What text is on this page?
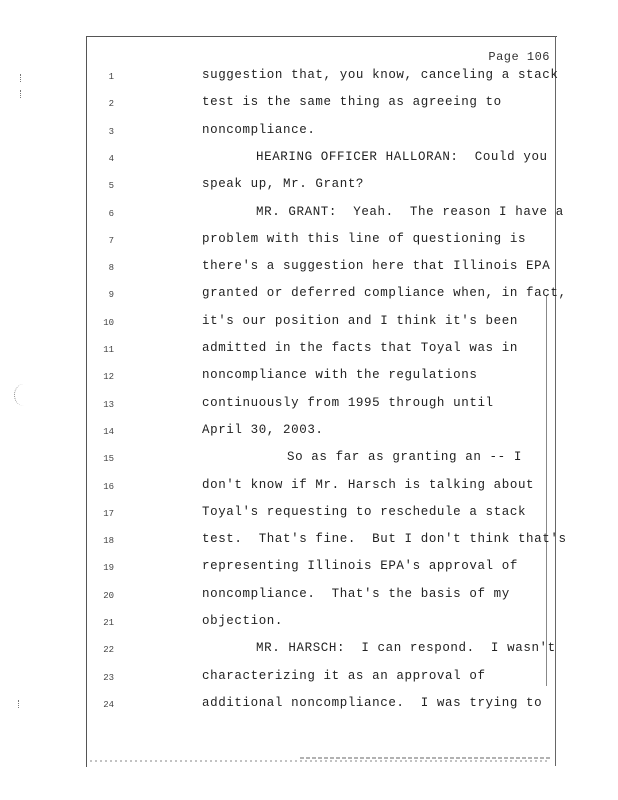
Page 106
1	suggestion that, you know, canceling a stack
2	test is the same thing as agreeing to
3	noncompliance.
4	HEARING OFFICER HALLORAN:  Could you
5	speak up, Mr. Grant?
6	MR. GRANT:  Yeah.  The reason I have a
7	problem with this line of questioning is
8	there's a suggestion here that Illinois EPA
9	granted or deferred compliance when, in fact,
10	it's our position and I think it's been
11	admitted in the facts that Toyal was in
12	noncompliance with the regulations
13	continuously from 1995 through until
14	April 30, 2003.
15	So as far as granting an -- I
16	don't know if Mr. Harsch is talking about
17	Toyal's requesting to reschedule a stack
18	test.  That's fine.  But I don't think that's
19	representing Illinois EPA's approval of
20	noncompliance.  That's the basis of my
21	objection.
22	MR. HARSCH:  I can respond.  I wasn't
23	characterizing it as an approval of
24	additional noncompliance.  I was trying to
